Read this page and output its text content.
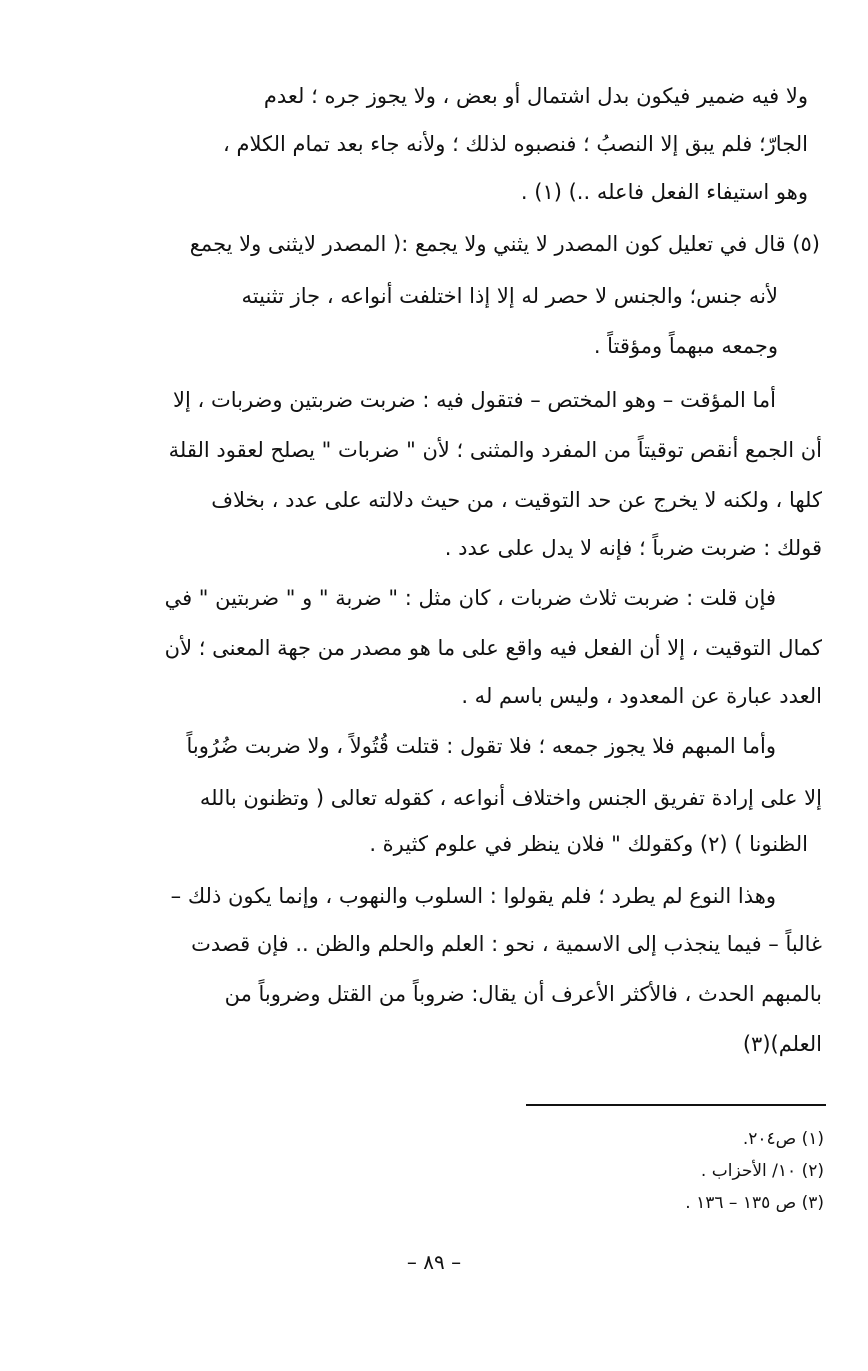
ولا فيه ضمير فيكون بدل اشتمال أو بعض ، ولا يجوز جره ؛ لعدم
الجارّ؛ فلم يبق إلا النصبُ ؛ فنصبوه لذلك ؛ ولأنه جاء بعد تمام الكلام ،
وهو استيفاء الفعل فاعله ..) (١) .
(٥) قال في تعليل كون المصدر لا يثني ولا يجمع :( المصدر لايثنى ولا يجمع
لأنه جنس؛ والجنس لا حصر له إلا إذا اختلفت أنواعه ، جاز تثنيته
وجمعه مبهماً ومؤقتاً .
أما المؤقت – وهو المختص – فتقول فيه : ضربت ضربتين وضربات ، إلا
أن الجمع أنقص توقيتاً من المفرد والمثنى ؛ لأن " ضربات " يصلح لعقود القلة
كلها ، ولكنه لا يخرج عن حد التوقيت ، من حيث دلالته على عدد ، بخلاف
قولك : ضربت ضرباً ؛ فإنه لا يدل على عدد .
فإن قلت : ضربت ثلاث ضربات ، كان مثل : " ضربة " و " ضربتين " في
كمال التوقيت ، إلا أن الفعل فيه واقع على ما هو مصدر من جهة المعنى ؛ لأن
العدد عبارة عن المعدود ، وليس باسم له .
وأما المبهم فلا يجوز جمعه ؛ فلا تقول : قتلت قُتُولاً ، ولا ضربت ضُرُوباً
إلا على إرادة تفريق الجنس واختلاف أنواعه ، كقوله تعالى ( وتظنون بالله
الظنونا ) (٢) وكقولك " فلان ينظر في علوم كثيرة .
وهذا النوع لم يطرد ؛ فلم يقولوا : السلوب والنهوب ، وإنما يكون ذلك –
غالباً – فيما ينجذب إلى الاسمية ، نحو : العلم والحلم والظن .. فإن قصدت
بالمبهم الحدث ، فالأكثر الأعرف أن يقال: ضروباً من القتل وضروباً من
العلم)(٣)
(١) ص٢٠٤.
(٢) ١٠/ الأحزاب .
(٣) ص ١٣٥ – ١٣٦ .
– ٨٩ –
